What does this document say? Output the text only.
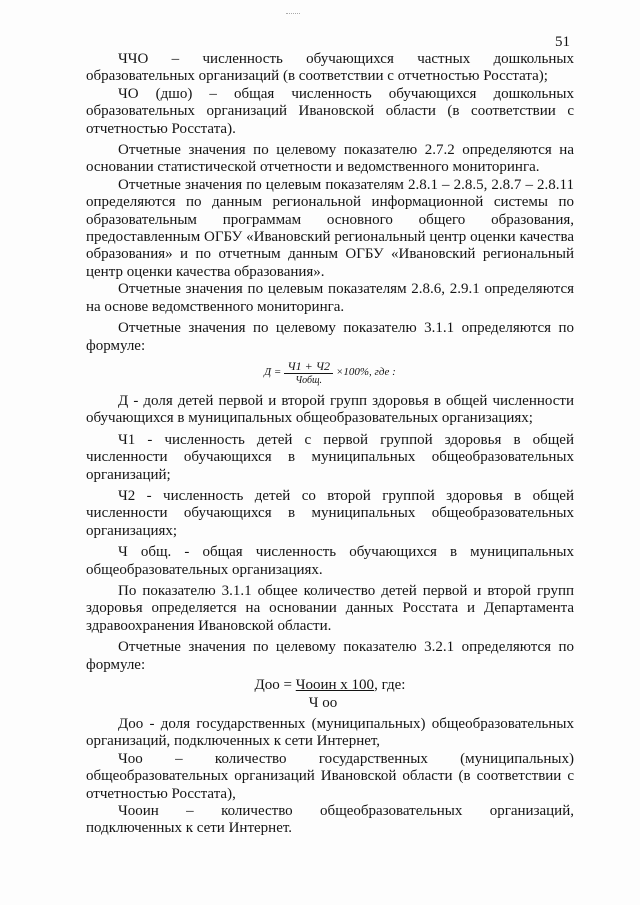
51

ЧЧО – численность обучающихся частных дошкольных образовательных организаций (в соответствии с отчетностью Росстата);

ЧО (дшо) – общая численность обучающихся дошкольных образовательных организаций Ивановской области (в соответствии с отчетностью Росстата).

Отчетные значения по целевому показателю 2.7.2 определяются на основании статистической отчетности и ведомственного мониторинга.

Отчетные значения по целевым показателям 2.8.1 – 2.8.5, 2.8.7 – 2.8.11 определяются по данным региональной информационной системы по образовательным программам основного общего образования, предоставленным ОГБУ «Ивановский региональный центр оценки качества образования» и по отчетным данным ОГБУ «Ивановский региональный центр оценки качества образования».

Отчетные значения по целевым показателям 2.8.6, 2.9.1 определяются на основе ведомственного мониторинга.

Отчетные значения по целевому показателю 3.1.1 определяются по формуле:

$Д = \frac{Ч1 + Ч2}{\text{Чобщ.}} \times 100\%$, где :

Д - доля детей первой и второй групп здоровья в общей численности обучающихся в муниципальных общеобразовательных организациях;

Ч1 - численность детей с первой группой здоровья в общей численности обучающихся в муниципальных общеобразовательных организаций;

Ч2 - численность детей со второй группой здоровья в общей численности обучающихся в муниципальных общеобразовательных организациях;

Ч общ. - общая численность обучающихся в муниципальных общеобразовательных организациях.

По показателю 3.1.1 общее количество детей первой и второй групп здоровья определяется на основании данных Росстата и Департамента здравоохранения Ивановской области.

Отчетные значения по целевому показателю 3.2.1 определяются по формуле:

Доо = Чооин х 100, где:
Ч оо

Доо - доля государственных (муниципальных) общеобразовательных организаций, подключенных к сети Интернет,

Чоо – количество государственных (муниципальных) общеобразовательных организаций Ивановской области (в соответствии с отчетностью Росстата),

Чооин – количество общеобразовательных организаций, подключенных к сети Интернет.
